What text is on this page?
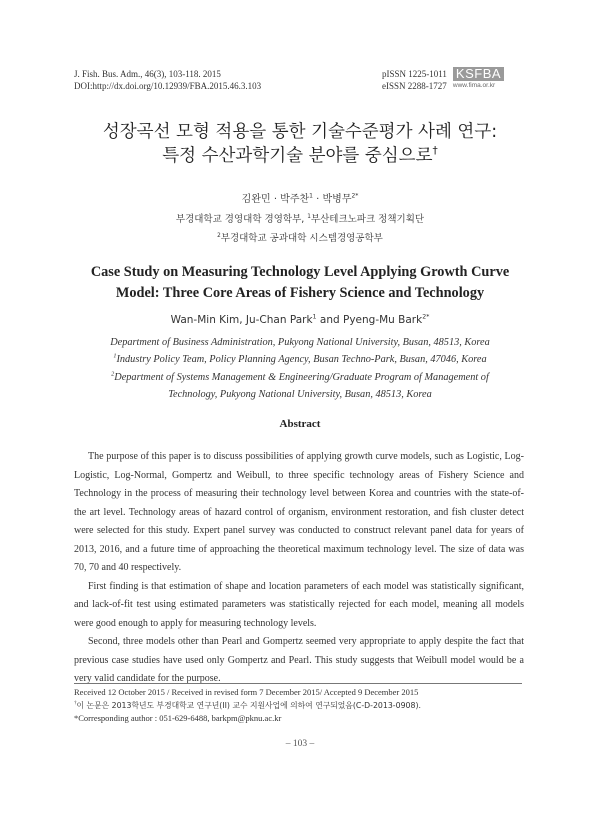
J. Fish. Bus. Adm., 46(3), 103-118. 2015
DOI:http://dx.doi.org/10.12939/FBA.2015.46.3.103
pISSN 1225-1011
eISSN 2288-1727
KSFBA
www.fima.or.kr
성장곡선 모형 적용을 통한 기술수준평가 사례 연구:
특정 수산과학기술 분야를 중심으로†
김완민 · 박주찬$^1$ · 박병무$^{2*}$
부경대학교 경영대학 경영학부, $^1$부산테크노파크 정책기획단
$^2$부경대학교 공과대학 시스템경영공학부
Case Study on Measuring Technology Level Applying Growth Curve
Model: Three Core Areas of Fishery Science and Technology
Wan-Min Kim, Ju-Chan Park$^1$ and Pyeng-Mu Bark$^{2*}$
Department of Business Administration, Pukyong National University, Busan, 48513, Korea
$^1$Industry Policy Team, Policy Planning Agency, Busan Techno-Park, Busan, 47046, Korea
$^2$Department of Systems Management & Engineering/Graduate Program of Management of
Technology, Pukyong National University, Busan, 48513, Korea
Abstract

The purpose of this paper is to discuss possibilities of applying growth curve models, such as Logistic, Log-Logistic, Log-Normal, Gompertz and Weibull, to three specific technology areas of Fishery Science and Technology in the process of measuring their technology level between Korea and countries with the state-of-the art level. Technology areas of hazard control of organism, environment restoration, and fish cluster detect were selected for this study. Expert panel survey was conducted to construct relevant panel data for years of 2013, 2016, and a future time of approaching the theoretical maximum technology level. The size of data was 70, 70 and 40 respectively.

First finding is that estimation of shape and location parameters of each model was statistically significant, and lack-of-fit test using estimated parameters was statistically rejected for each model, meaning all models were good enough to apply for measuring technology levels.

Second, three models other than Pearl and Gompertz seemed very appropriate to apply despite the fact that previous case studies have used only Gompertz and Pearl. This study suggests that Weibull model would be a very valid candidate for the purpose.

Received 12 October 2015 / Received in revised form 7 December 2015/ Accepted 9 December 2015
†이 논문은 2013학년도 부경대학교 연구년(II) 교수 지원사업에 의하여 연구되었음(C-D-2013-0908).
*Corresponding author : 051-629-6488, barkpm@pknu.ac.kr
– 103 –
